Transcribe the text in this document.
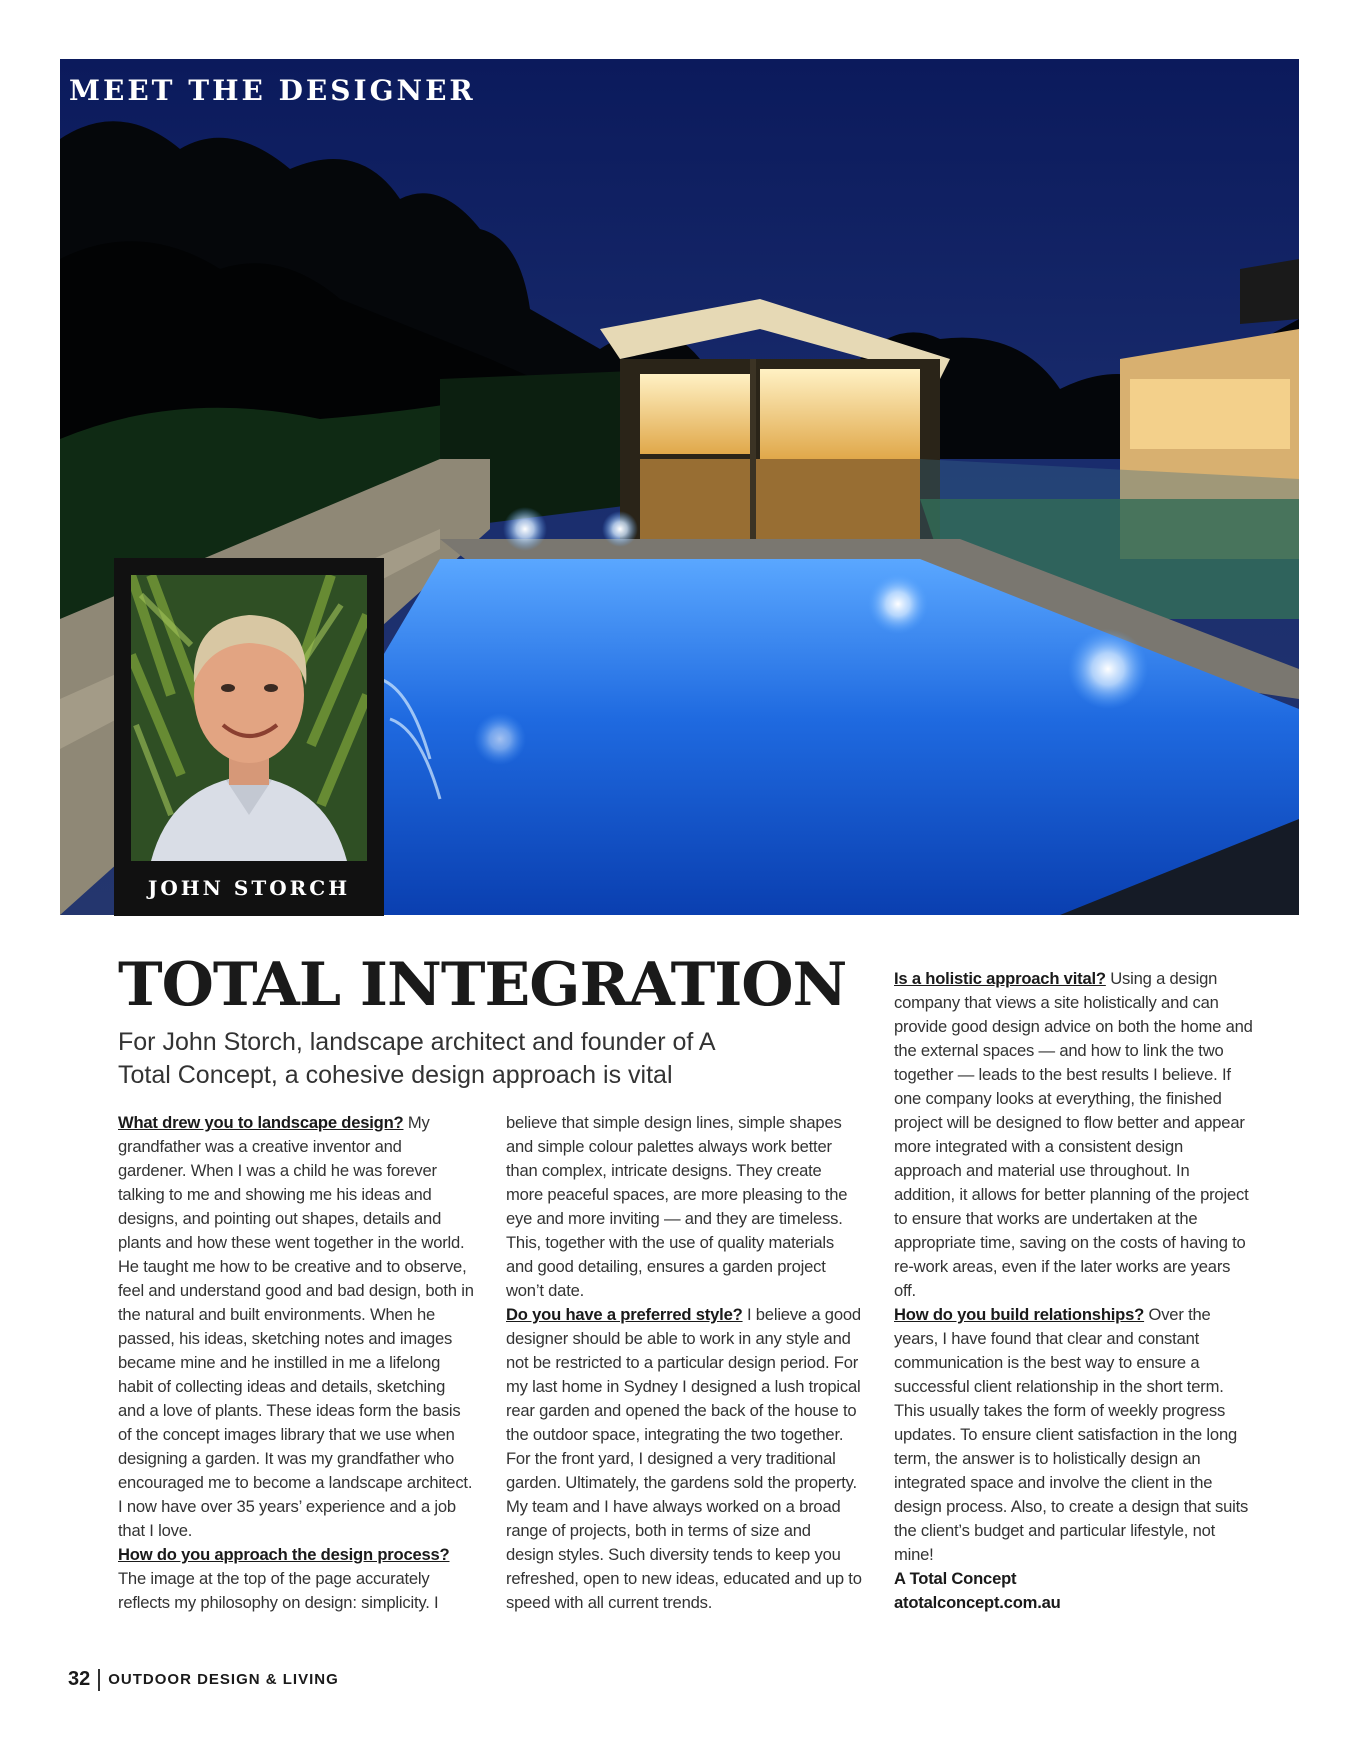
MEET THE DESIGNER
JOHN STORCH
TOTAL INTEGRATION
For John Storch, landscape architect and founder of A Total Concept, a cohesive design approach is vital

What drew you to landscape design? My grandfather was a creative inventor and gardener. When I was a child he was forever talking to me and showing me his ideas and designs, and pointing out shapes, details and plants and how these went together in the world. He taught me how to be creative and to observe, feel and understand good and bad design, both in the natural and built environments. When he passed, his ideas, sketching notes and images became mine and he instilled in me a lifelong habit of collecting ideas and details, sketching and a love of plants. These ideas form the basis of the concept images library that we use when designing a garden. It was my grandfather who encouraged me to become a landscape architect. I now have over 35 years’ experience and a job that I love.

How do you approach the design process? The image at the top of the page accurately reflects my philosophy on design: simplicity. I

believe that simple design lines, simple shapes and simple colour palettes always work better than complex, intricate designs. They create more peaceful spaces, are more pleasing to the eye and more inviting — and they are timeless. This, together with the use of quality materials and good detailing, ensures a garden project won’t date.

Do you have a preferred style? I believe a good designer should be able to work in any style and not be restricted to a particular design period. For my last home in Sydney I designed a lush tropical rear garden and opened the back of the house to the outdoor space, integrating the two together. For the front yard, I designed a very traditional garden. Ultimately, the gardens sold the property. My team and I have always worked on a broad range of projects, both in terms of size and design styles. Such diversity tends to keep you refreshed, open to new ideas, educated and up to speed with all current trends.

Is a holistic approach vital? Using a design company that views a site holistically and can provide good design advice on both the home and the external spaces — and how to link the two together — leads to the best results I believe. If one company looks at everything, the finished project will be designed to flow better and appear more integrated with a consistent design approach and material use throughout. In addition, it allows for better planning of the project to ensure that works are undertaken at the appropriate time, saving on the costs of having to re-work areas, even if the later works are years off.

How do you build relationships? Over the years, I have found that clear and constant communication is the best way to ensure a successful client relationship in the short term. This usually takes the form of weekly progress updates. To ensure client satisfaction in the long term, the answer is to holistically design an integrated space and involve the client in the design process. Also, to create a design that suits the client’s budget and particular lifestyle, not mine!

A Total Concept

atotalconcept.com.au

32 OUTDOOR DESIGN & LIVING
